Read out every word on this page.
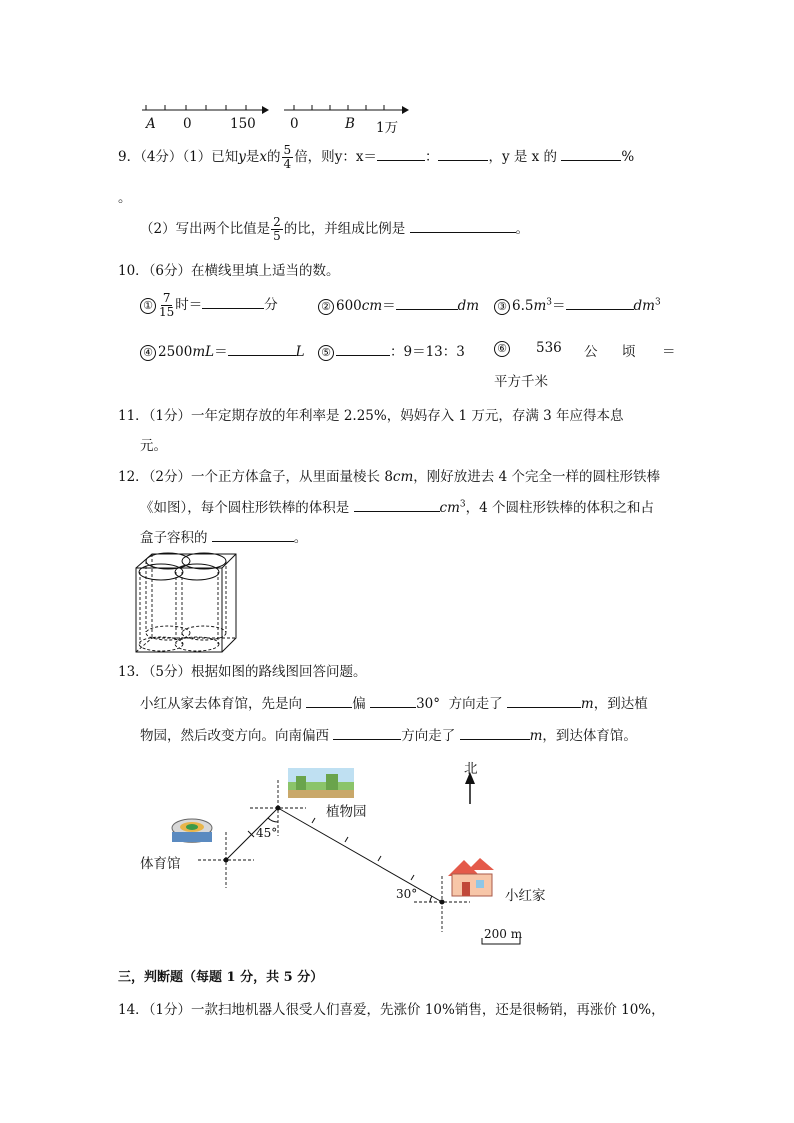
A 0	150	0	B 1万
9．（4分）（1）已知y是x的 $\frac{5}{4}$ 倍，则y：x＝	：	，y 是 x 的	%
。
（2）写出两个比值是 $\frac{2}{5}$ 的比，并组成比例是	。
10．（6分）在横线里填上适当的数。
① $\frac{7}{15}$ 时＝	分	② 600cm＝	dm ③ $6.5m^3=$	$dm^3$
④ 2500mL＝	L ⑤	：9＝13：3	⑥ 536 公 顷 ＝
平方千米
11．（1分）一年定期存放的年利率是 2.25%，妈妈存入 1 万元，存满 3 年应得本息
元。
12．（2分）一个正方体盒子，从里面量棱长 8cm，刚好放进去 4 个完全一样的圆柱形铁棒
《如图），每个圆柱形铁棒的体积是	$cm^3$，4 个圆柱形铁棒的体积之和占
盒子容积的	。
13．（5分）根据如图的路线图回答问题。
小红从家去体育馆，先是向	偏	30° 方向走了	m，到达植
物园，然后改变方向。向南偏西	方向走了	m，到达体育馆。
北
植物园
体育馆
小红家
45°
30°
200 m
三，判断题（每题 1 分，共 5 分）
14．（1分）一款扫地机器人很受人们喜爱，先涨价 10%销售，还是很畅销，再涨价 10%，
